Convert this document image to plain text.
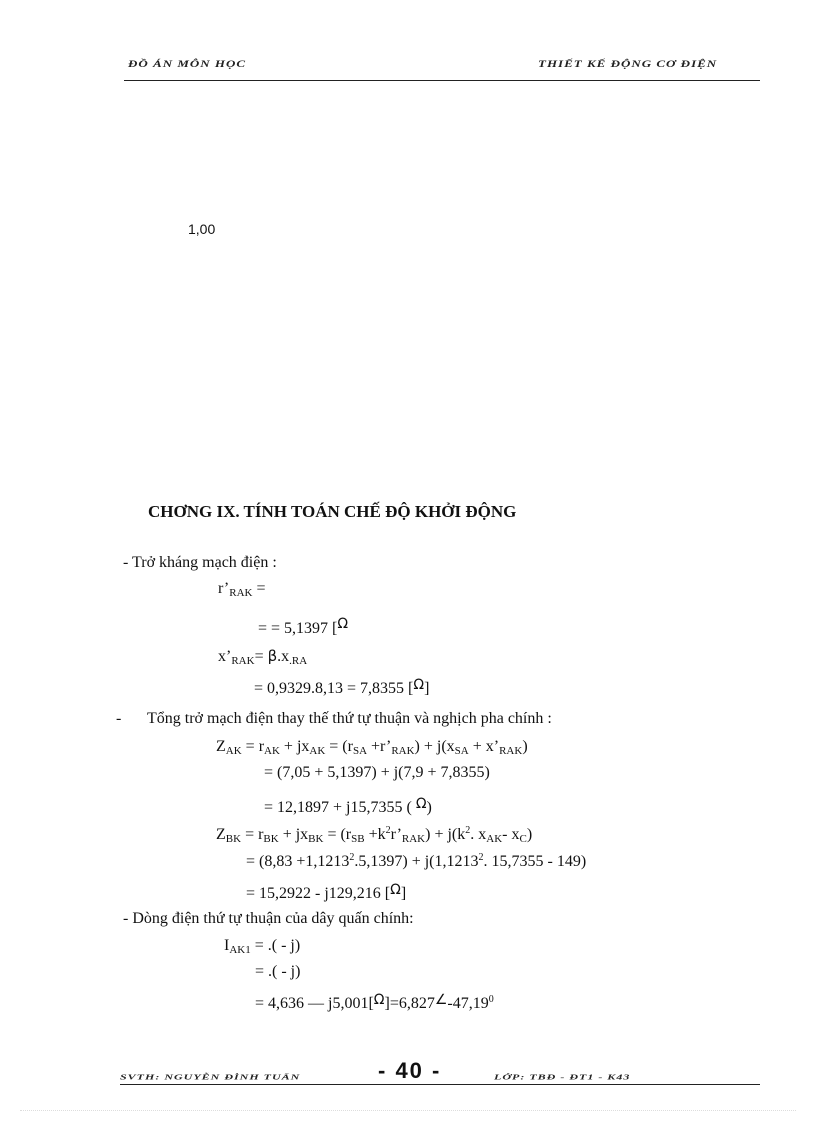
ĐỒ ÁN MÔN HỌC	THIẾT KẾ ĐỘNG CƠ ĐIỆN
1,00
CHƠNG IX. TÍNH TOÁN CHẾ ĐỘ KHỞI ĐỘNG
- Trở kháng mạch điện :
$r’_{RAK}$ =
= = 5,1397 [Ω
$x’_{RAK}= \beta.x_{.RA}$
= 0,9329.8,13 = 7,8355 [Ω]
- Tổng trở mạch điện thay thế thứ tự thuận và nghịch pha chính :
$Z_{AK} = r_{AK} + jx_{AK} = (r_{SA}$ $+r’_{RAK}) + j(x_{SA}$ + $x’_{RAK}$)
= (7,05 + 5,1397) + j(7,9 + 7,8355)
= 12,1897 + j15,7355 ( Ω)
$Z_{BK} = r_{BK} + jx_{BK} = (r_{SB}$ $+k^2r’_{RAK}) + j(k^2$. $x_{AK}-$ $x_C$)
= $(8,83 +1,1213^2.5,1397) + j(1,1213^2$. 15,7355 - 149)
= 15,2922 - j129,216 [Ω]
- Dòng điện thứ tự thuận của dây quấn chính:
$I_{AK1}$ = .( - j)
= .( - j)
= 4,636 — $j5,001[\Omega]=6,827\angle-47,19^0$
SVTH: NGUYỄN ĐÌNH TUẤN	- 40 -	LỚP: TBĐ - ĐT1 - K43
